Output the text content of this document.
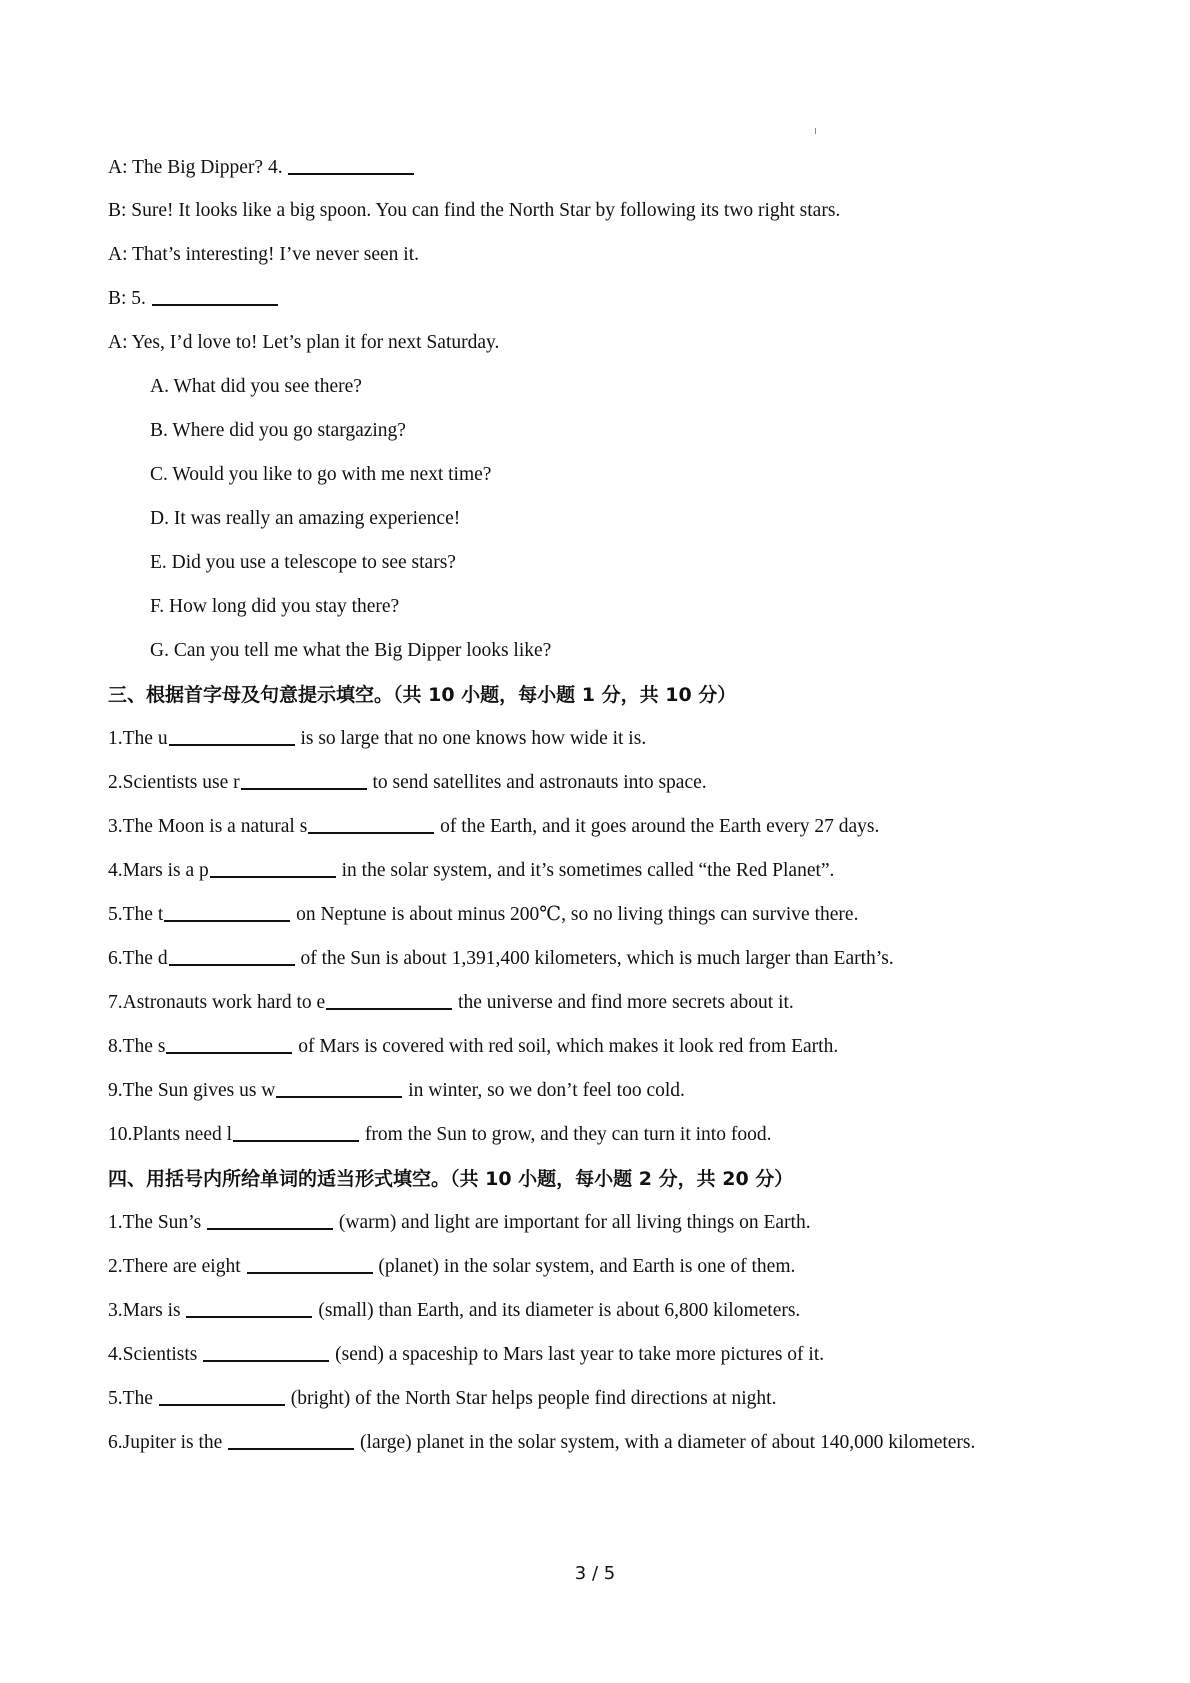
A: The Big Dipper? 4.
B: Sure! It looks like a big spoon. You can find the North Star by following its two right stars.
A: That’s interesting! I’ve never seen it.
B: 5.
A: Yes, I’d love to! Let’s plan it for next Saturday.
A. What did you see there?
B. Where did you go stargazing?
C. Would you like to go with me next time?
D. It was really an amazing experience!
E. Did you use a telescope to see stars?
F. How long did you stay there?
G. Can you tell me what the Big Dipper looks like?
三、根据首字母及句意提示填空。（共 10 小题，每小题 1 分，共 10 分）
1.The u	is so large that no one knows how wide it is.
2.Scientists use r	to send satellites and astronauts into space.
3.The Moon is a natural s	of the Earth, and it goes around the Earth every 27 days.
4.Mars is a p	in the solar system, and it’s sometimes called “the Red Planet”.
5.The t	on Neptune is about minus 200℃, so no living things can survive there.
6.The d	of the Sun is about 1,391,400 kilometers, which is much larger than Earth’s.
7.Astronauts work hard to e	the universe and find more secrets about it.
8.The s	of Mars is covered with red soil, which makes it look red from Earth.
9.The Sun gives us w	in winter, so we don’t feel too cold.
10.Plants need l	from the Sun to grow, and they can turn it into food.
四、用括号内所给单词的适当形式填空。（共 10 小题，每小题 2 分，共 20 分）
1.The Sun’s	(warm) and light are important for all living things on Earth.
2.There are eight	(planet) in the solar system, and Earth is one of them.
3.Mars is	(small) than Earth, and its diameter is about 6,800 kilometers.
4.Scientists	(send) a spaceship to Mars last year to take more pictures of it.
5.The	(bright) of the North Star helps people find directions at night.
6.Jupiter is the	(large) planet in the solar system, with a diameter of about 140,000 kilometers.
3 / 5
